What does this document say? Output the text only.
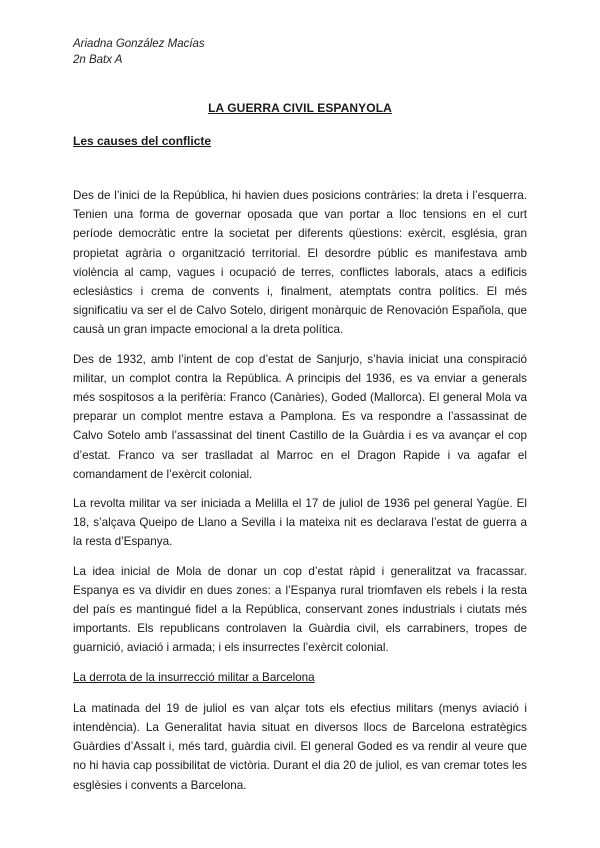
Ariadna González Macías
2n Batx A
LA GUERRA CIVIL ESPANYOLA
Les causes del conflicte

Des de l’inici de la República, hi havien dues posicions contràries: la dreta i l’esquerra. Tenien una forma de governar oposada que van portar a lloc tensions en el curt període democràtic entre la societat per diferents qüestions: exèrcit, església, gran propietat agrària o organització territorial. El desordre públic es manifestava amb violència al camp, vagues i ocupació de terres, conflictes laborals, atacs a edificis eclesiàstics i crema de convents i, finalment, atemptats contra polítics. El més significatiu va ser el de Calvo Sotelo, dirigent monàrquic de Renovación Española, que causà un gran impacte emocional a la dreta política.

Des de 1932, amb l’intent de cop d’estat de Sanjurjo, s’havia iniciat una conspiració militar, un complot contra la República. A principis del 1936, es va enviar a generals més sospitosos a la perifèria: Franco (Canàries), Goded (Mallorca). El general Mola va preparar un complot mentre estava a Pamplona. Es va respondre a l’assassinat de Calvo Sotelo amb l’assassinat del tinent Castillo de la Guàrdia i es va avançar el cop d’estat. Franco va ser traslladat al Marroc en el Dragon Rapide i va agafar el comandament de l’exèrcit colonial.

La revolta militar va ser iniciada a Melilla el 17 de juliol de 1936 pel general Yagüe. El 18, s’alçava Queipo de Llano a Sevilla i la mateixa nit es declarava l’estat de guerra a la resta d’Espanya.

La idea inicial de Mola de donar un cop d’estat ràpid i generalitzat va fracassar. Espanya es va dividir en dues zones: a l’Espanya rural triomfaven els rebels i la resta del país es mantingué fidel a la República, conservant zones industrials i ciutats més importants. Els republicans controlaven la Guàrdia civil, els carrabiners, tropes de guarnició, aviació i armada; i els insurrectes l’exèrcit colonial.

La derrota de la insurrecció militar a Barcelona

La matinada del 19 de juliol es van alçar tots els efectius militars (menys aviació i intendència). La Generalitat havia situat en diversos llocs de Barcelona estratègics Guàrdies d’Assalt i, més tard, guàrdia civil. El general Goded es va rendir al veure que no hi havia cap possibilitat de victòria. Durant el dia 20 de juliol, es van cremar totes les esglèsies i convents a Barcelona.
